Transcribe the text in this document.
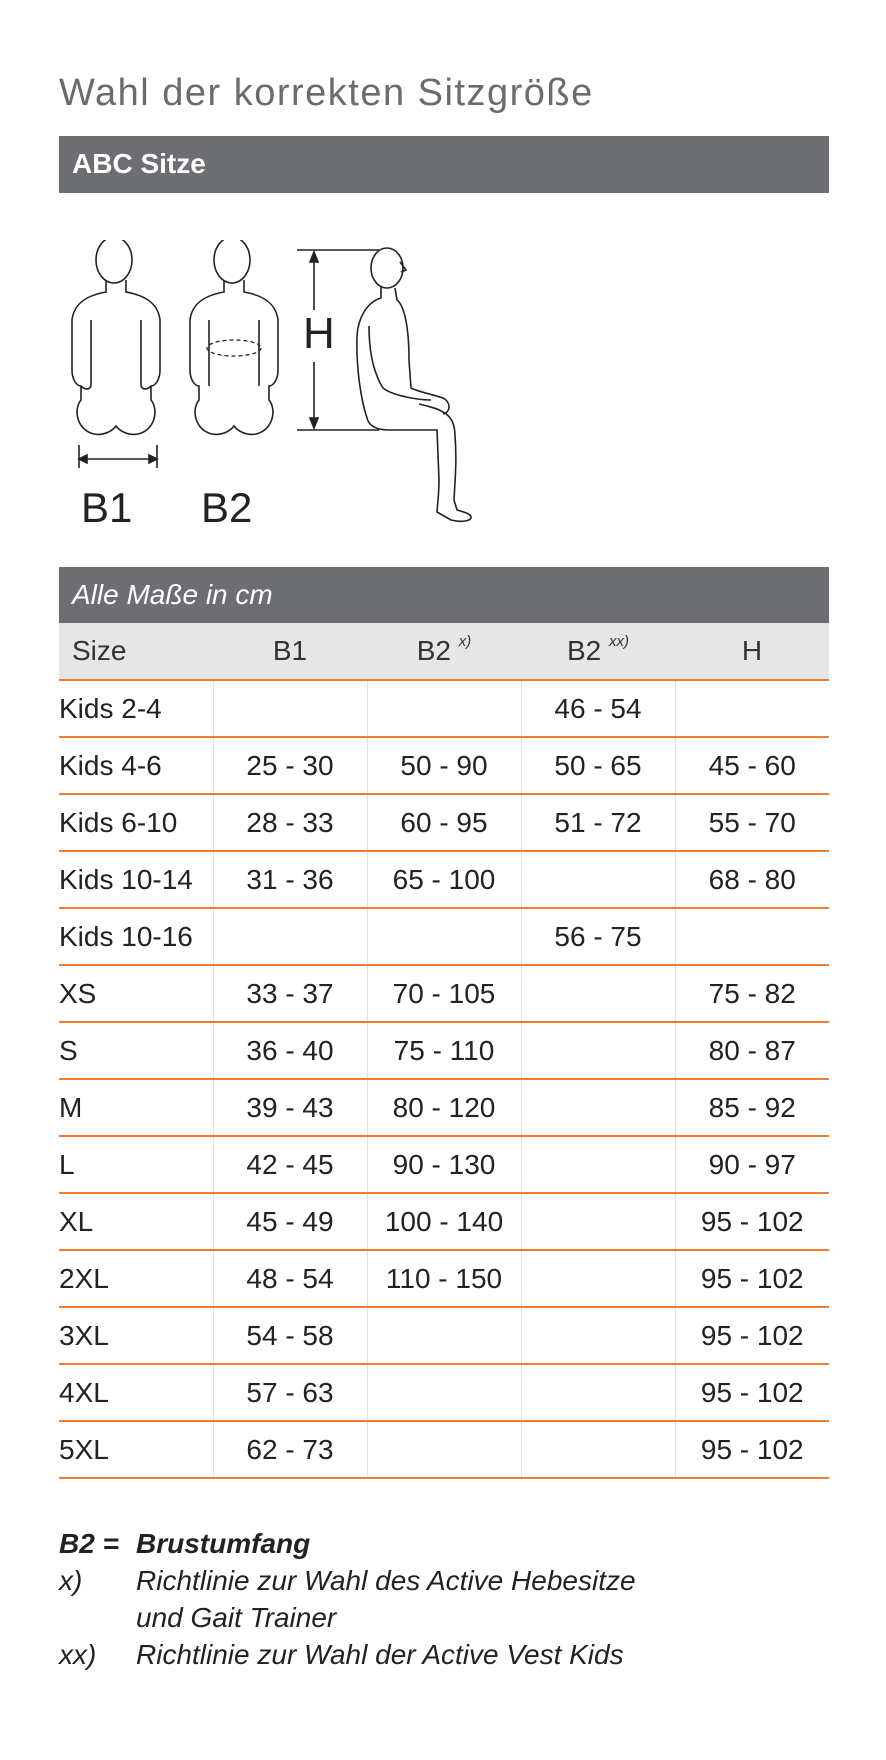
Wahl der korrekten Sitzgröße
ABC Sitze
H
B1 B2
Alle Maße in cm
Size	B1	B2 $^{x)}$	B2 $^{xx)}$	H
Kids 2-4			46 - 54	
Kids 4-6	25 - 30	50 - 90	50 - 65	45 - 60
Kids 6-10	28 - 33	60 - 95	51 - 72	55 - 70
Kids 10-14	31 - 36	65 - 100		68 - 80
Kids 10-16			56 - 75	
XS	33 - 37	70 - 105		75 - 82
S	36 - 40	75 - 110		80 - 87
M	39 - 43	80 - 120		85 - 92
L	42 - 45	90 - 130		90 - 97
XL	45 - 49	100 - 140		95 - 102
2XL	48 - 54	110 - 150		95 - 102
3XL	54 - 58			95 - 102
4XL	57 - 63			95 - 102
5XL	62 - 73			95 - 102
B2 = Brustumfang
x)	Richtlinie zur Wahl des Active Hebesitze
und Gait Trainer
xx)	Richtlinie zur Wahl der Active Vest Kids
